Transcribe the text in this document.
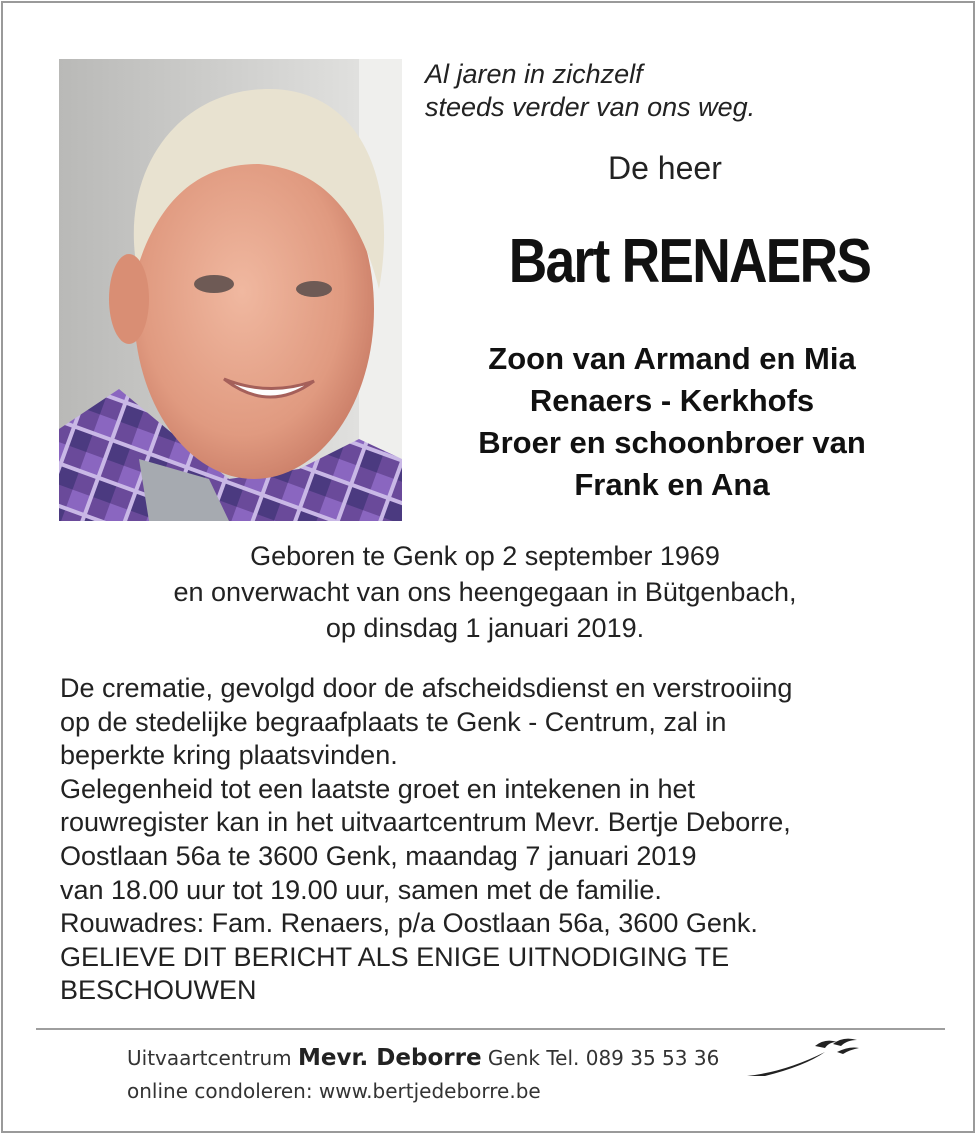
Al jaren in zichzelf
steeds verder van ons weg.
De heer
Bart RENAERS
Zoon van Armand en Mia
Renaers - Kerkhofs
Broer en schoonbroer van
Frank en Ana
Geboren te Genk op 2 september 1969
en onverwacht van ons heengegaan in Bütgenbach,
op dinsdag 1 januari 2019.
De crematie, gevolgd door de afscheidsdienst en verstrooiing
op de stedelijke begraafplaats te Genk - Centrum, zal in
beperkte kring plaatsvinden.
Gelegenheid tot een laatste groet en intekenen in het
rouwregister kan in het uitvaartcentrum Mevr. Bertje Deborre,
Oostlaan 56a te 3600 Genk, maandag 7 januari 2019
van 18.00 uur tot 19.00 uur, samen met de familie.
Rouwadres: Fam. Renaers, p/a Oostlaan 56a, 3600 Genk.
GELIEVE DIT BERICHT ALS ENIGE UITNODIGING TE
BESCHOUWEN
Uitvaartcentrum Mevr. Deborre Genk Tel. 089 35 53 36
online condoleren: www.bertjedeborre.be
